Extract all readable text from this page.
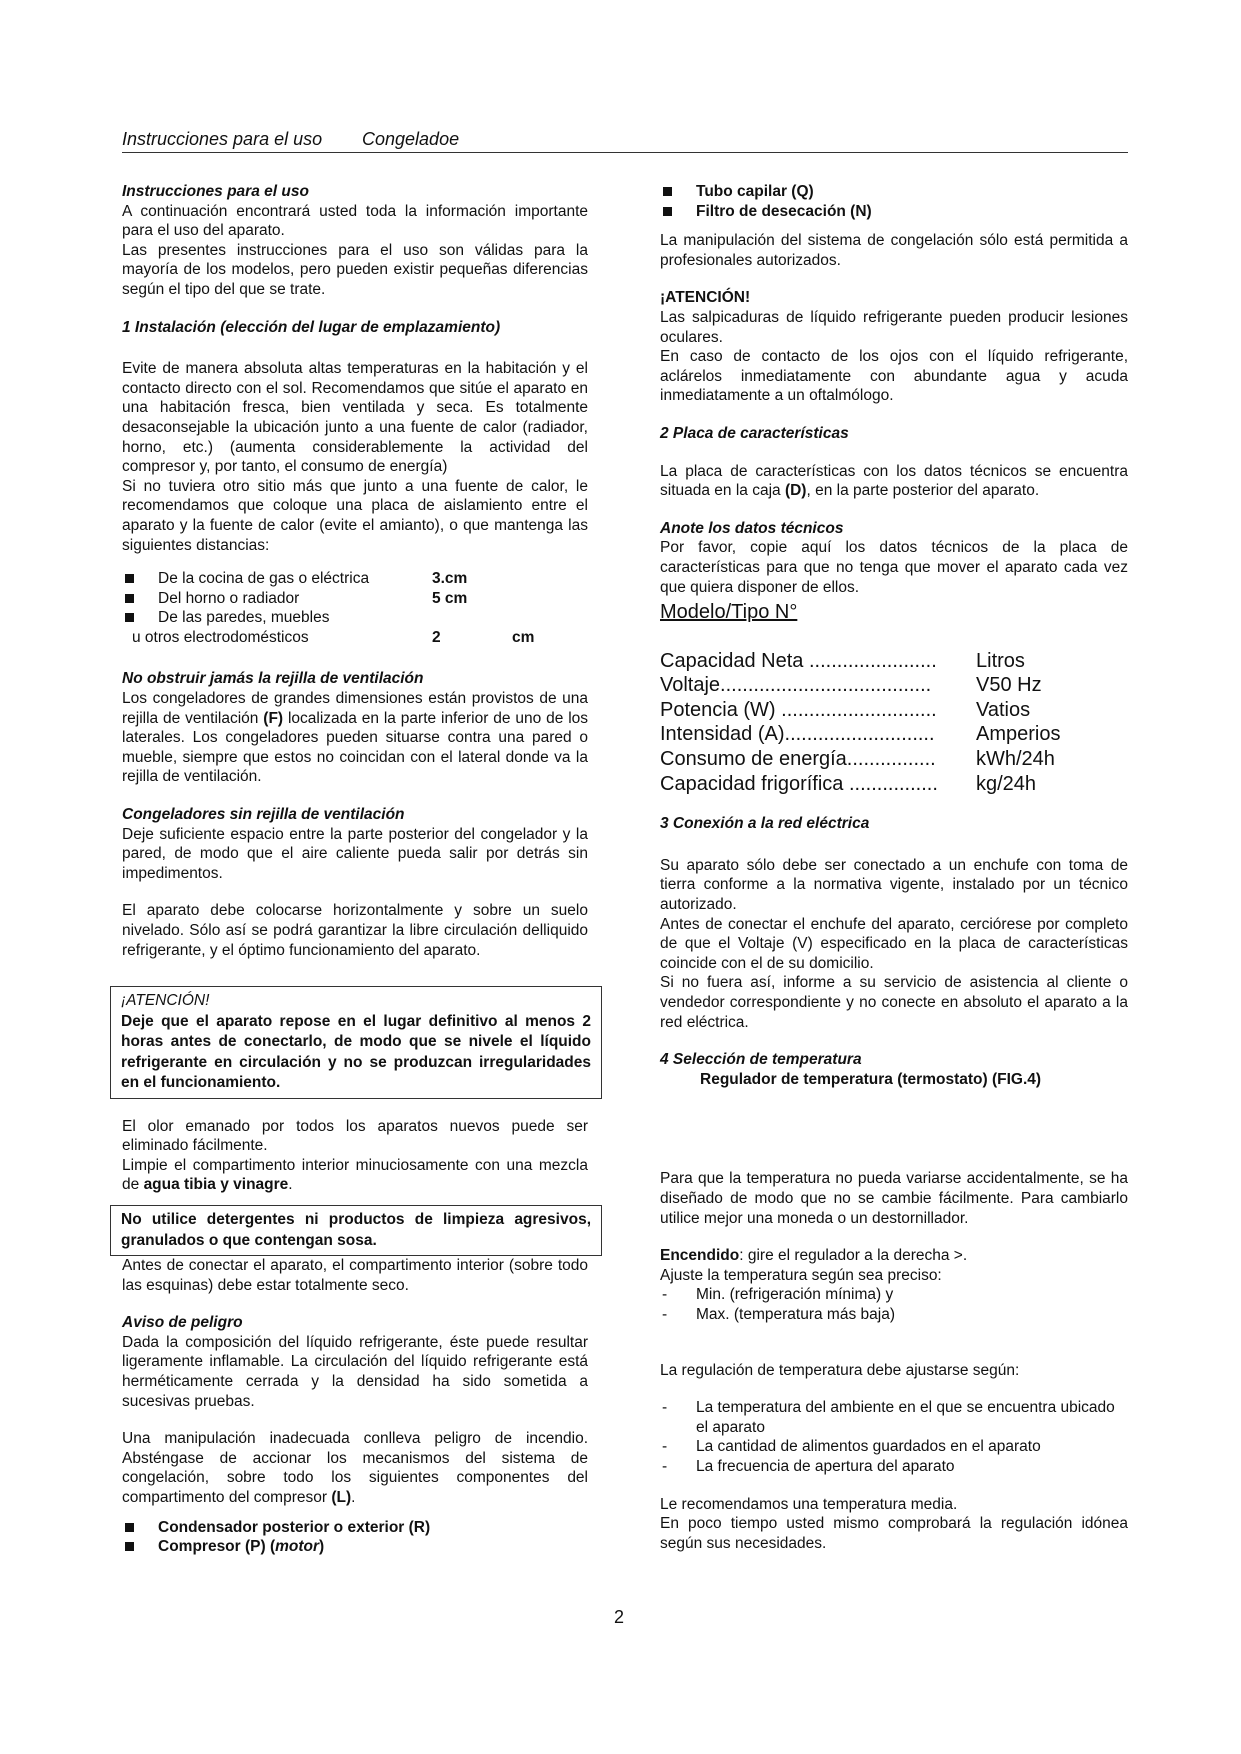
Instrucciones para el uso Congeladoe

Instrucciones para el uso

A continuación encontrará usted toda la información importante para el uso del aparato.

Las presentes instrucciones para el uso son válidas para la mayoría de los modelos, pero pueden existir pequeñas diferencias según el tipo del que se trate.

1 Instalación (elección del lugar de emplazamiento)

Evite de manera absoluta altas temperaturas en la habitación y el contacto directo con el sol. Recomendamos que sitúe el aparato en una habitación fresca, bien ventilada y seca. Es totalmente desaconsejable la ubicación junto a una fuente de calor (radiador, horno, etc.) (aumenta considerablemente la actividad del compresor y, por tanto, el consumo de energía)

Si no tuviera otro sitio más que junto a una fuente de calor, le recomendamos que coloque una placa de aislamiento entre el aparato y la fuente de calor (evite el amianto), o que mantenga las siguientes distancias:

De la cocina de gas o eléctrica	3.cm
Del horno o radiador	5 cm
De las paredes, muebles
u otros electrodomésticos	2	cm

No obstruir jamás la rejilla de ventilación

Los congeladores de grandes dimensiones están provistos de una rejilla de ventilación (F) localizada en la parte inferior de uno de los laterales. Los congeladores pueden situarse contra una pared o mueble, siempre que estos no coincidan con el lateral donde va la rejilla de ventilación.

Congeladores sin rejilla de ventilación

Deje suficiente espacio entre la parte posterior del congelador y la pared, de modo que el aire caliente pueda salir por detrás sin impedimentos.

El aparato debe colocarse horizontalmente y sobre un suelo nivelado. Sólo así se podrá garantizar la libre circulación delliquido refrigerante, y el óptimo funcionamiento del aparato.

¡ATENCIÓN!

Deje que el aparato repose en el lugar definitivo al menos 2 horas antes de conectarlo, de modo que se nivele el líquido refrigerante en circulación y no se produzcan irregularidades en el funcionamiento.

El olor emanado por todos los aparatos nuevos puede ser eliminado fácilmente.

Limpie el compartimento interior minuciosamente con una mezcla de agua tibia y vinagre.

No utilice detergentes ni productos de limpieza agresivos, granulados o que contengan sosa.

Antes de conectar el aparato, el compartimento interior (sobre todo las esquinas) debe estar totalmente seco.

Aviso de peligro

Dada la composición del líquido refrigerante, éste puede resultar ligeramente inflamable. La circulación del líquido refrigerante está herméticamente cerrada y la densidad ha sido sometida a sucesivas pruebas.

Una manipulación inadecuada conlleva peligro de incendio. Absténgase de accionar los mecanismos del sistema de congelación, sobre todo los siguientes componentes del compartimento del compresor (L).

Condensador posterior o exterior (R)
Compresor (P) (motor)
Tubo capilar (Q)
Filtro de desecación (N)

La manipulación del sistema de congelación sólo está permitida a profesionales autorizados.

¡ATENCIÓN!

Las salpicaduras de líquido refrigerante pueden producir lesiones oculares.

En caso de contacto de los ojos con el líquido refrigerante, aclárelos inmediatamente con abundante agua y acuda inmediatamente a un oftalmólogo.

2 Placa de características

La placa de características con los datos técnicos se encuentra situada en la caja (D), en la parte posterior del aparato.

Anote los datos técnicos

Por favor, copie aquí los datos técnicos de la placa de características para que no tenga que mover el aparato cada vez que quiera disponer de ellos.

Modelo/Tipo N°

Capacidad Neta .......................	Litros
Voltaje......................................	V50 Hz
Potencia (W) ............................	Vatios
Intensidad (A)...........................	Amperios
Consumo de energía................	kWh/24h
Capacidad frigorífica ................	kg/24h

3 Conexión a la red eléctrica

Su aparato sólo debe ser conectado a un enchufe con toma de tierra conforme a la normativa vigente, instalado por un técnico autorizado.

Antes de conectar el enchufe del aparato, cerciórese por completo de que el Voltaje (V) especificado en la placa de características coincide con el de su domicilio.

Si no fuera así, informe a su servicio de asistencia al cliente o vendedor correspondiente y no conecte en absoluto el aparato a la red eléctrica.

4 Selección de temperatura

Regulador de temperatura (termostato) (FIG.4)

Para que la temperatura no pueda variarse accidentalmente, se ha diseñado de modo que no se cambie fácilmente. Para cambiarlo utilice mejor una moneda o un destornillador.

Encendido: gire el regulador a la derecha >.

Ajuste la temperatura según sea preciso:

- Min. (refrigeración mínima) y
- Max. (temperatura más baja)

La regulación de temperatura debe ajustarse según:

- La temperatura del ambiente en el que se encuentra ubicado el aparato
- La cantidad de alimentos guardados en el aparato
- La frecuencia de apertura del aparato

Le recomendamos una temperatura media.

En poco tiempo usted mismo comprobará la regulación idónea según sus necesidades.

2
